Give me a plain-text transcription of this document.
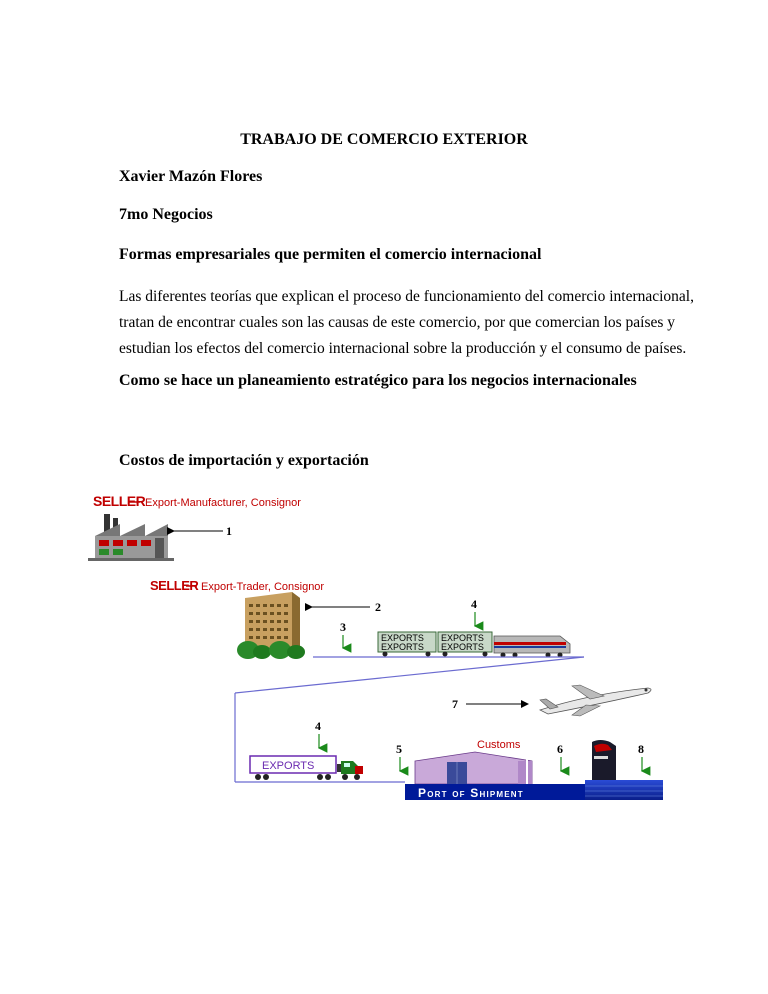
TRABAJO DE COMERCIO EXTERIOR
Xavier Mazón Flores
7mo Negocios
Formas empresariales que permiten el comercio internacional
Las diferentes teorías que explican el proceso de funcionamiento del comercio internacional,
tratan de encontrar cuales son las causas de este comercio, por que comercian los países y
estudian los efectos del comercio internacional sobre la producción y el consumo de países.
Como se hace un planeamiento estratégico para los negocios internacionales
Costos de importación y exportación
SELLER Export-Manufacturer, Consignor
1
SELLER Export-Trader, Consignor
2
3
4
EXPORTS
EXPORTS
EXPORTS
EXPORTS
7
4
EXPORTS
5	Customs	6	8
Port of Shipment
